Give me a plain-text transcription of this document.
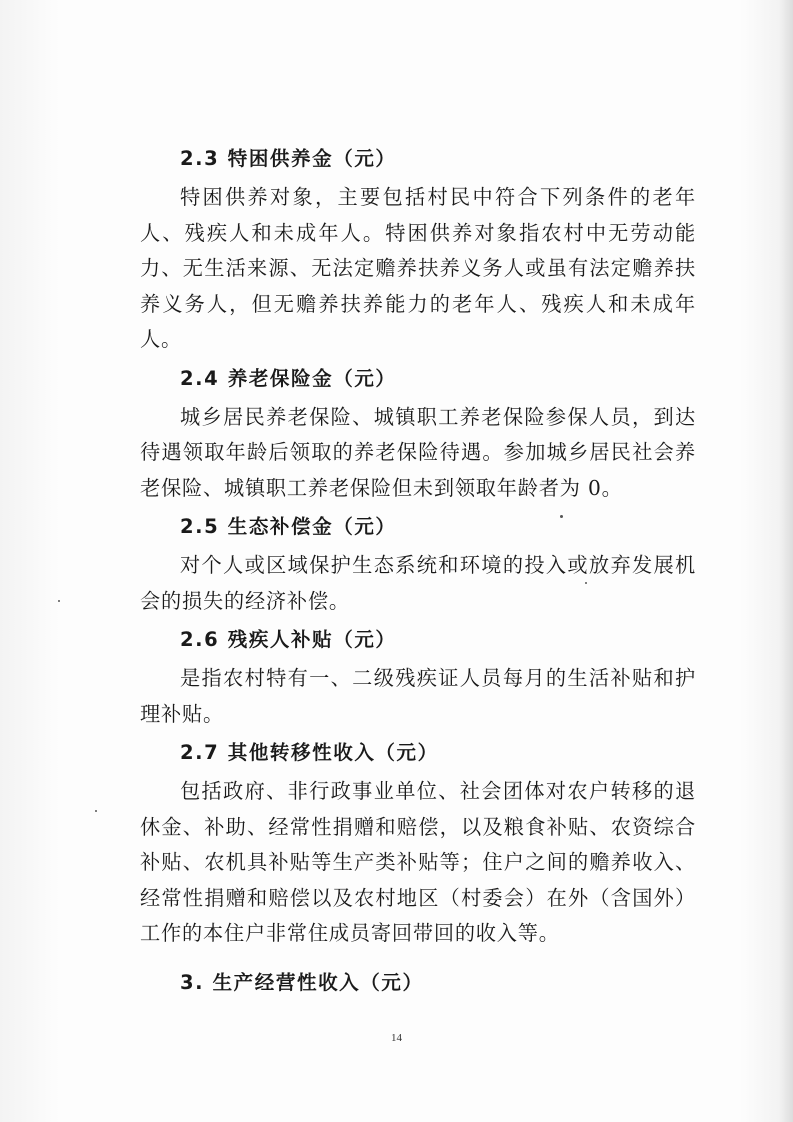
2.3 特困供养金（元）

特困供养对象，主要包括村民中符合下列条件的老年人、残疾人和未成年人。特困供养对象指农村中无劳动能力、无生活来源、无法定赡养扶养义务人或虽有法定赡养扶养义务人，但无赡养扶养能力的老年人、残疾人和未成年人。

2.4 养老保险金（元）

城乡居民养老保险、城镇职工养老保险参保人员，到达待遇领取年龄后领取的养老保险待遇。参加城乡居民社会养老保险、城镇职工养老保险但未到领取年龄者为 0。

2.5 生态补偿金（元）

对个人或区域保护生态系统和环境的投入或放弃发展机会的损失的经济补偿。

2.6 残疾人补贴（元）

是指农村特有一、二级残疾证人员每月的生活补贴和护理补贴。

2.7 其他转移性收入（元）

包括政府、非行政事业单位、社会团体对农户转移的退休金、补助、经常性捐赠和赔偿，以及粮食补贴、农资综合补贴、农机具补贴等生产类补贴等；住户之间的赡养收入、经常性捐赠和赔偿以及农村地区（村委会）在外（含国外）工作的本住户非常住成员寄回带回的收入等。

3. 生产经营性收入（元）
14
